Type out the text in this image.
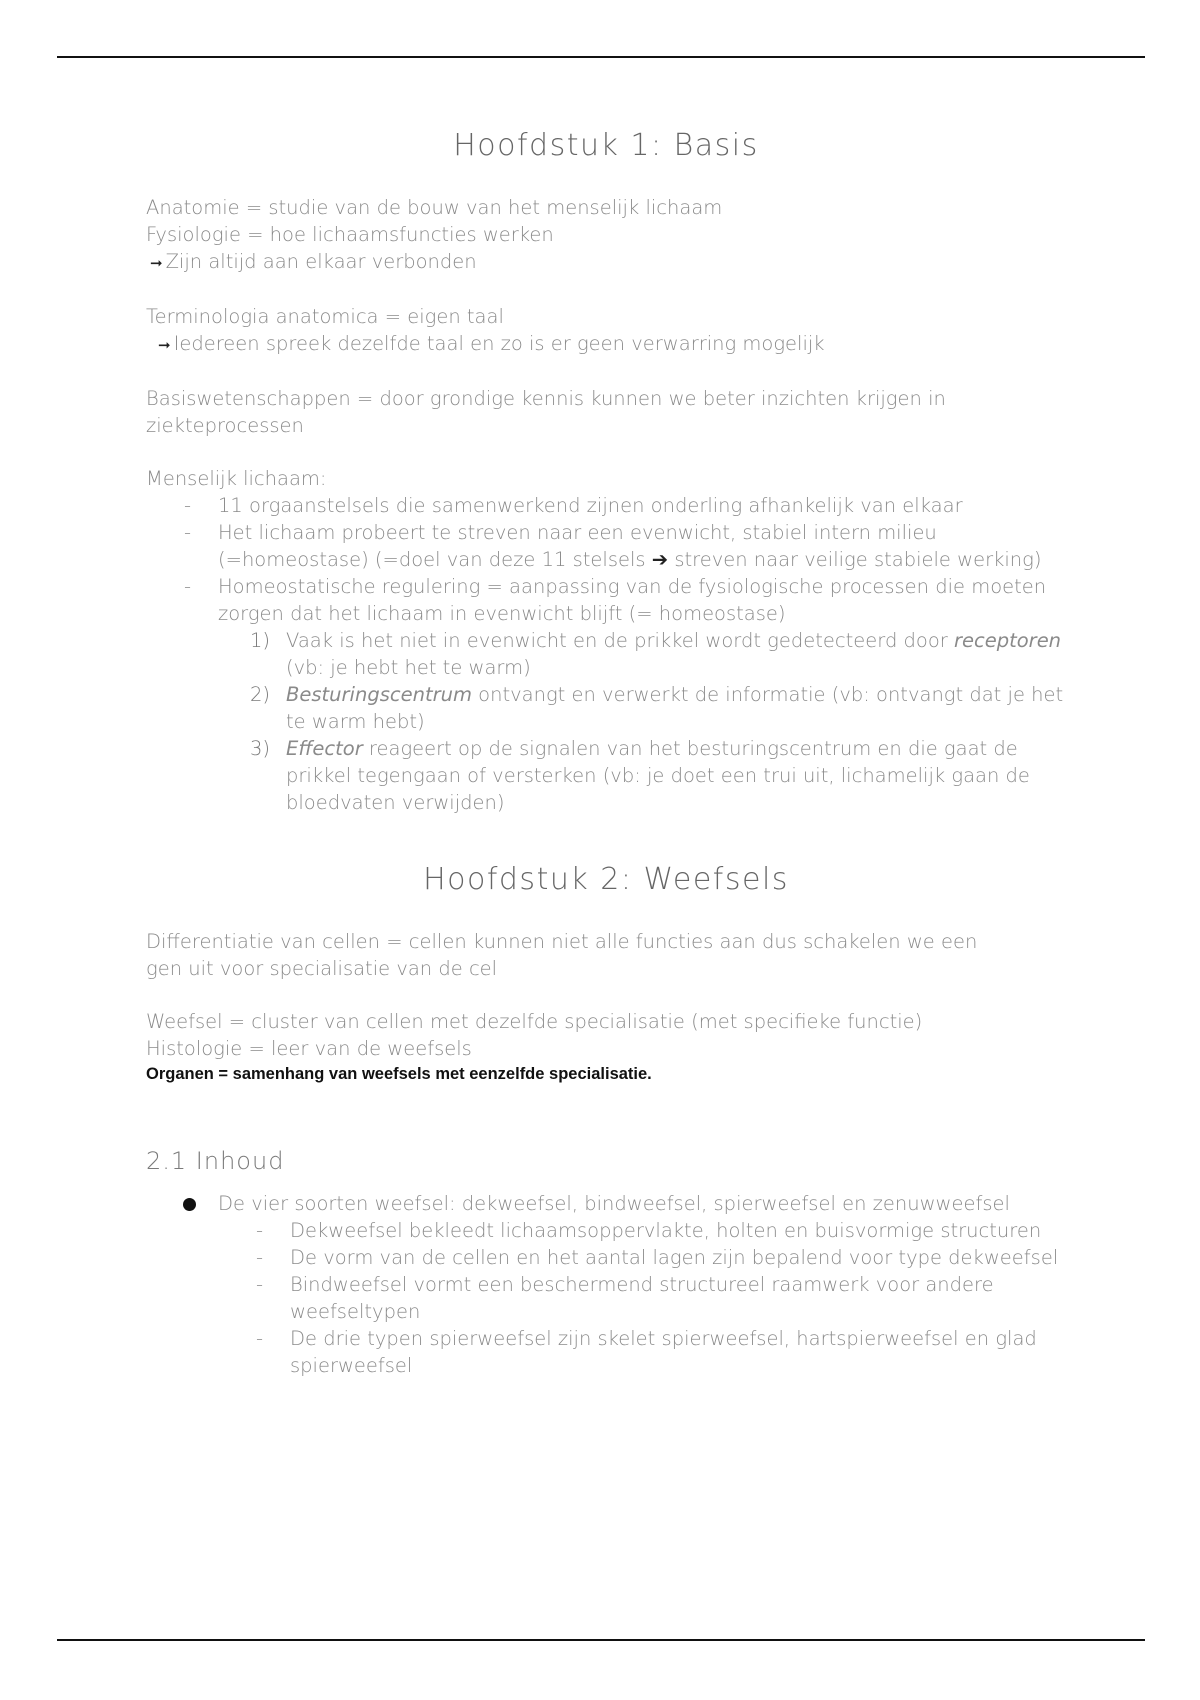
Hoofdstuk 1: Basis

Anatomie = studie van de bouw van het menselijk lichaam

Fysiologie = hoe lichaamsfuncties werken

➞ Zijn altijd aan elkaar verbonden

Terminologia anatomica = eigen taal

➞ Iedereen spreek dezelfde taal en zo is er geen verwarring mogelijk

Basiswetenschappen = door grondige kennis kunnen we beter inzichten krijgen in

ziekteprocessen

Menselijk lichaam:

- 11 orgaanstelsels die samenwerkend zijnen onderling afhankelijk van elkaar
- Het lichaam probeert te streven naar een evenwicht, stabiel intern milieu (=homeostase) (=doel van deze 11 stelsels ➔ streven naar veilige stabiele werking)
- Homeostatische regulering = aanpassing van de fysiologische processen die moeten zorgen dat het lichaam in evenwicht blijft (= homeostase)
1) Vaak is het niet in evenwicht en de prikkel wordt gedetecteerd door receptoren (vb: je hebt het te warm)
2) Besturingscentrum ontvangt en verwerkt de informatie (vb: ontvangt dat je het te warm hebt)
3) Effector reageert op de signalen van het besturingscentrum en die gaat de prikkel tegengaan of versterken (vb: je doet een trui uit, lichamelijk gaan de bloedvaten verwijden)
Hoofdstuk 2: Weefsels

Differentiatie van cellen = cellen kunnen niet alle functies aan dus schakelen we een

gen uit voor specialisatie van de cel

Weefsel = cluster van cellen met dezelfde specialisatie (met specifieke functie)

Histologie = leer van de weefsels

Organen = samenhang van weefsels met eenzelfde specialisatie.

2.1 Inhoud
De vier soorten weefsel: dekweefsel, bindweefsel, spierweefsel en zenuwweefsel
- Dekweefsel bekleedt lichaamsoppervlakte, holten en buisvormige structuren
- De vorm van de cellen en het aantal lagen zijn bepalend voor type dekweefsel
- Bindweefsel vormt een beschermend structureel raamwerk voor andere weefseltypen
- De drie typen spierweefsel zijn skelet spierweefsel, hartspierweefsel en glad spierweefsel
